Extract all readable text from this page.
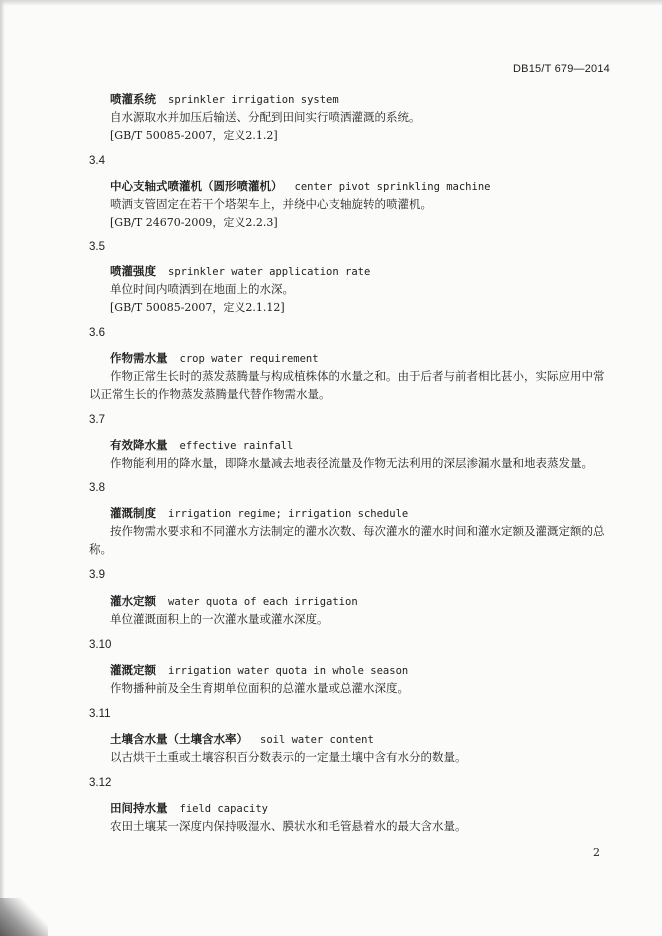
DB15/T 679—2014
喷灌系统 sprinkler irrigation system
自水源取水并加压后输送、分配到田间实行喷洒灌溉的系统。
[GB/T 50085-2007，定义2.1.2]
3.4
中心支轴式喷灌机（圆形喷灌机） center pivot sprinkling machine
喷洒支管固定在若干个塔架车上，并绕中心支轴旋转的喷灌机。
[GB/T 24670-2009，定义2.2.3]
3.5
喷灌强度 sprinkler water application rate
单位时间内喷洒到在地面上的水深。
[GB/T 50085-2007，定义2.1.12]
3.6
作物需水量 crop water requirement
作物正常生长时的蒸发蒸腾量与构成植株体的水量之和。由于后者与前者相比甚小，实际应用中常
以正常生长的作物蒸发蒸腾量代替作物需水量。
3.7
有效降水量 effective rainfall
作物能利用的降水量，即降水量减去地表径流量及作物无法利用的深层渗漏水量和地表蒸发量。
3.8
灌溉制度 irrigation regime; irrigation schedule
按作物需水要求和不同灌水方法制定的灌水次数、每次灌水的灌水时间和灌水定额及灌溉定额的总
称。
3.9
灌水定额 water quota of each irrigation
单位灌溉面积上的一次灌水量或灌水深度。
3.10
灌溉定额 irrigation water quota in whole season
作物播种前及全生育期单位面积的总灌水量或总灌水深度。
3.11
土壤含水量（土壤含水率） soil water content
以古烘干土重或土壤容积百分数表示的一定量土壤中含有水分的数量。
3.12
田间持水量 field capacity
农田土壤某一深度内保持吸湿水、膜状水和毛管悬着水的最大含水量。
2
